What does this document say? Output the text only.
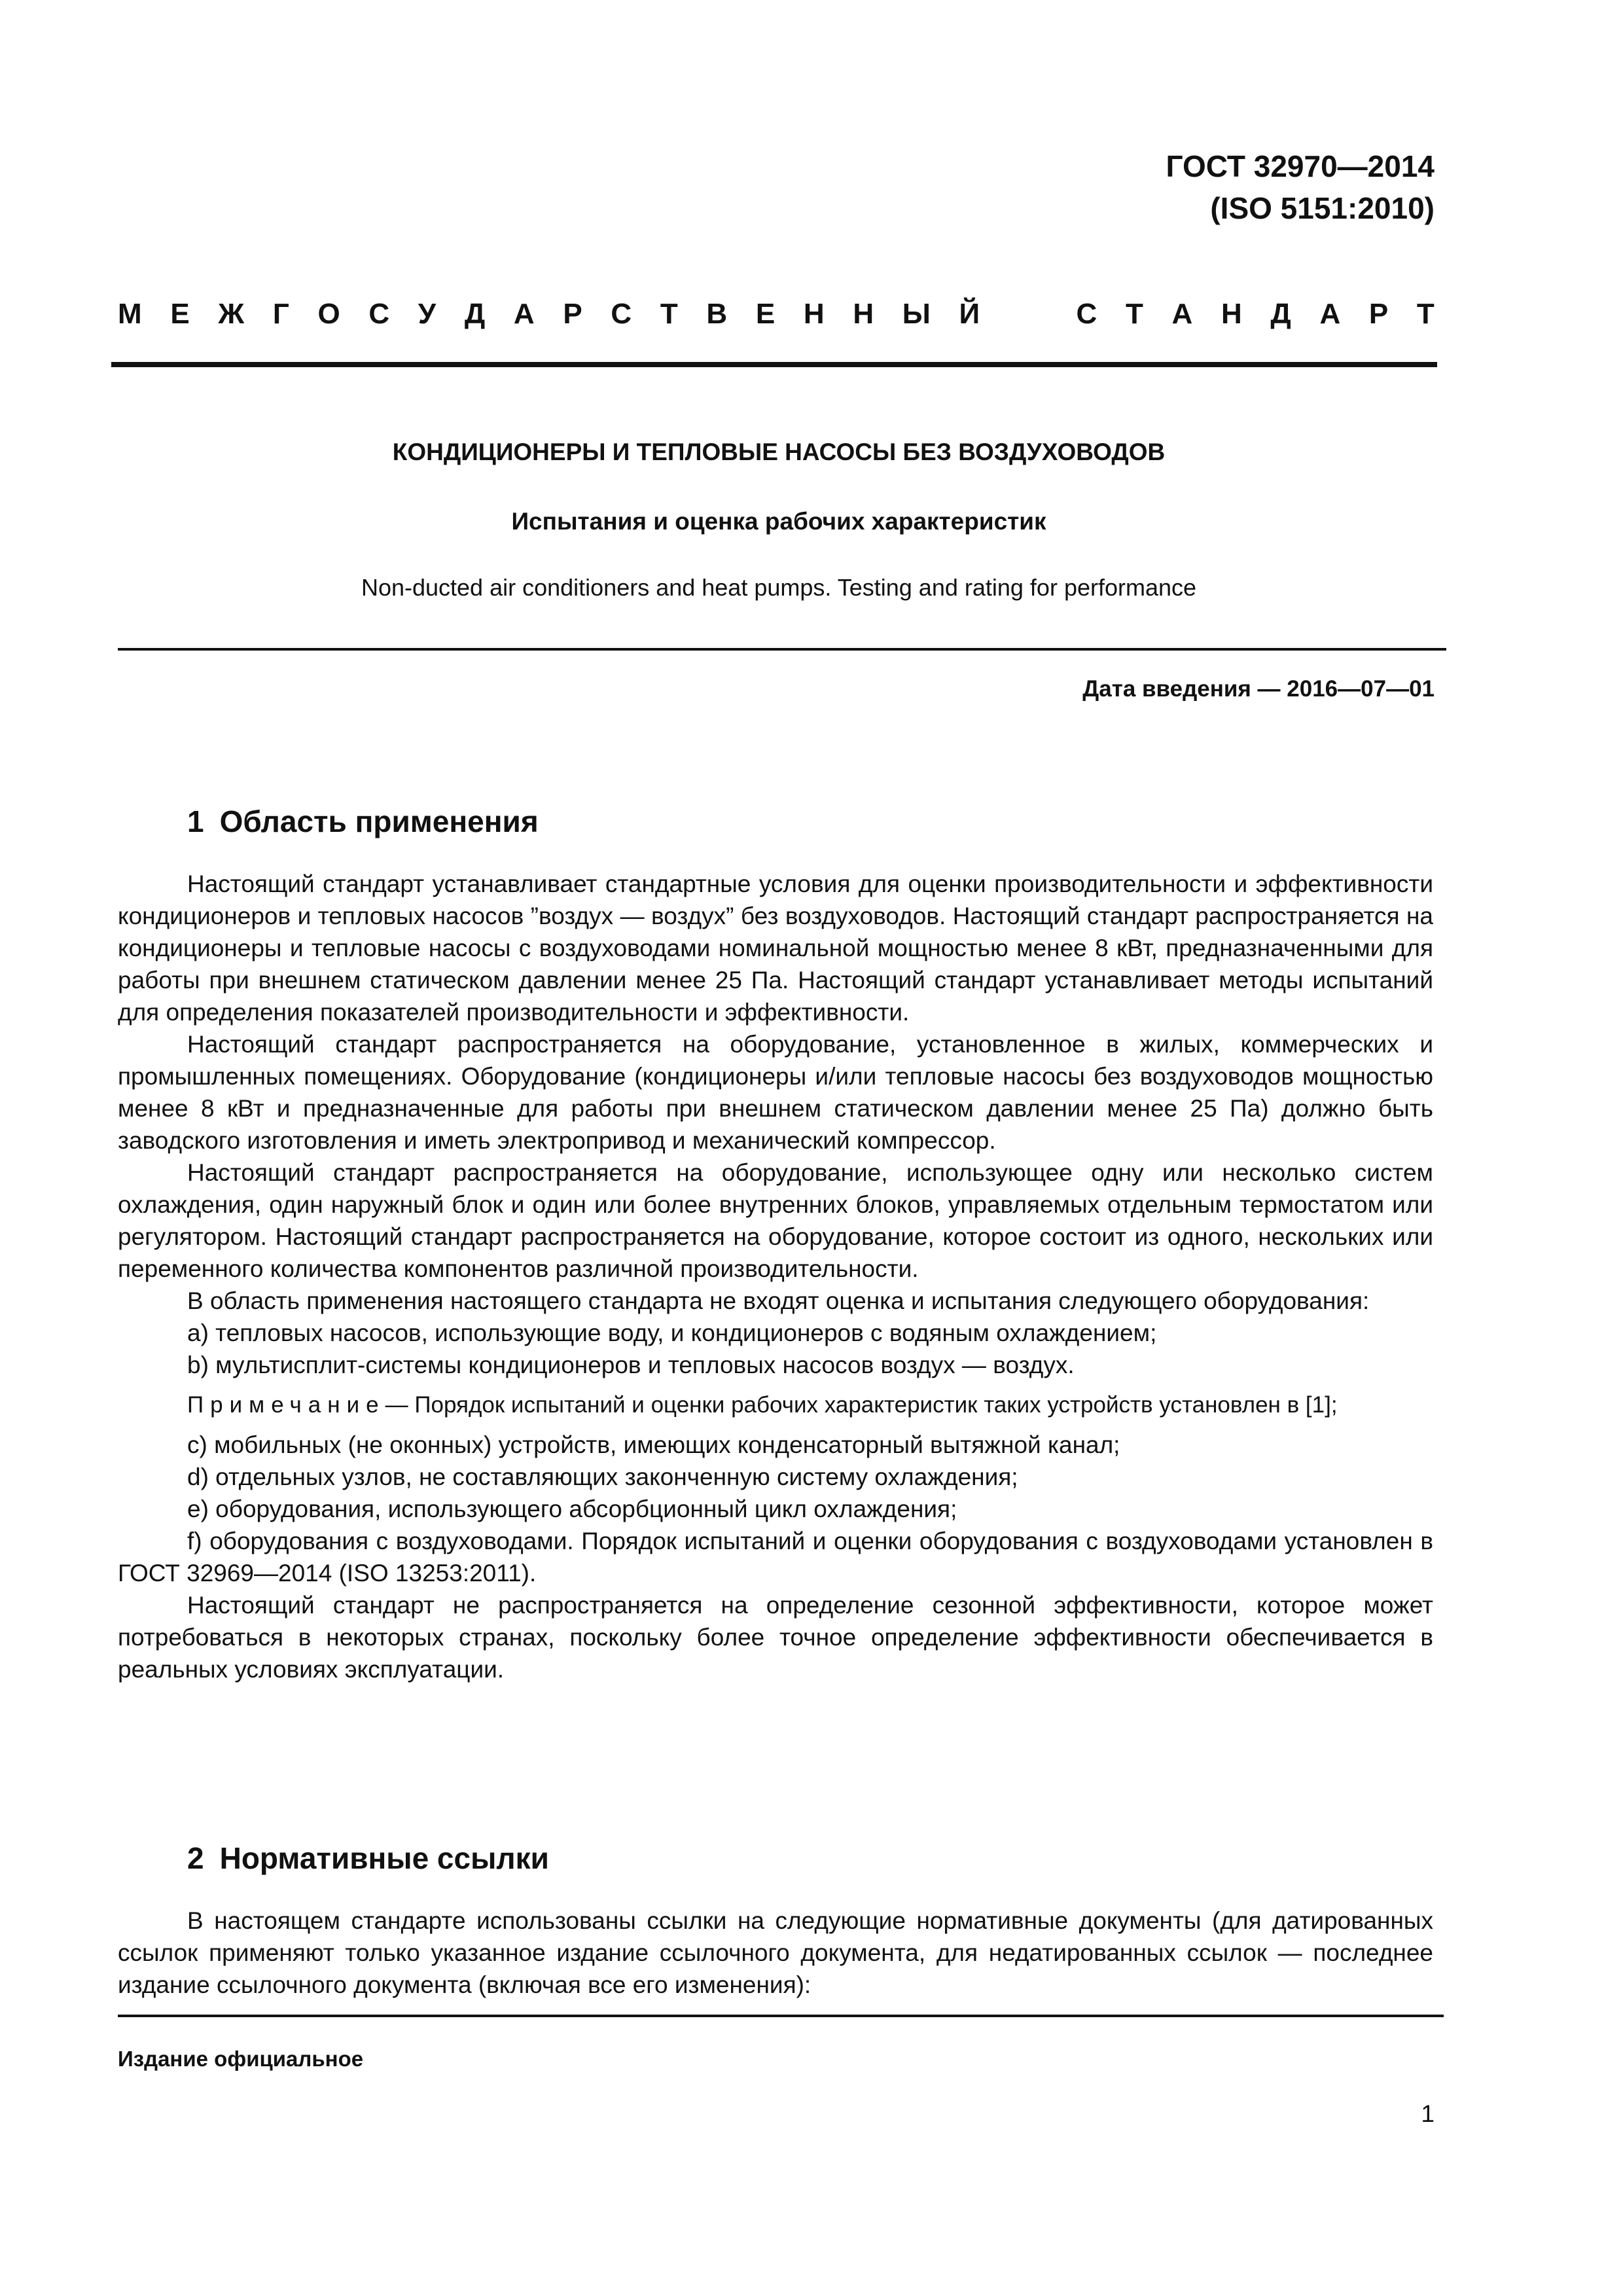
ГОСТ 32970—2014
(ISO 5151:2010)
М Е Ж Г О С У Д А Р С Т В Е Н Н Ы Й	С Т А Н Д А Р Т
КОНДИЦИОНЕРЫ И ТЕПЛОВЫЕ НАСОСЫ БЕЗ ВОЗДУХОВОДОВ
Испытания и оценка рабочих характеристик
Non-ducted air conditioners and heat pumps. Testing and rating for performance
Дата введения — 2016—07—01
1 Область применения

Настоящий стандарт устанавливает стандартные условия для оценки производительности и эффективности кондиционеров и тепловых насосов ”воздух — воздух” без воздуховодов. Настоящий стандарт распространяется на кондиционеры и тепловые насосы с воздуховодами номинальной мощностью менее 8 кВт, предназначенными для работы при внешнем статическом давлении менее 25 Па. Настоящий стандарт устанавливает методы испытаний для определения показателей производительности и эффективности.

Настоящий стандарт распространяется на оборудование, установленное в жилых, коммерческих и промышленных помещениях. Оборудование (кондиционеры и/или тепловые насосы без воздуховодов мощностью менее 8 кВт и предназначенные для работы при внешнем статическом давлении менее 25 Па) должно быть заводского изготовления и иметь электропривод и механический компрессор.

Настоящий стандарт распространяется на оборудование, использующее одну или несколько систем охлаждения, один наружный блок и один или более внутренних блоков, управляемых отдельным термостатом или регулятором. Настоящий стандарт распространяется на оборудование, которое состоит из одного, нескольких или переменного количества компонентов различной производительности.

В область применения настоящего стандарта не входят оценка и испытания следующего оборудования:

а) тепловых насосов, использующие воду, и кондиционеров с водяным охлаждением;

b) мультисплит-системы кондиционеров и тепловых насосов воздух — воздух.

Примечание— Порядок испытаний и оценки рабочих характеристик таких устройств установлен в [1];

с) мобильных (не оконных) устройств, имеющих конденсаторный вытяжной канал;

d) отдельных узлов, не составляющих законченную систему охлаждения;

е) оборудования, использующего абсорбционный цикл охлаждения;

f) оборудования с воздуховодами. Порядок испытаний и оценки оборудования с воздуховодами установлен в ГОСТ 32969—2014 (ISO 13253:2011).

Настоящий стандарт не распространяется на определение сезонной эффективности, которое может потребоваться в некоторых странах, поскольку более точное определение эффективности обеспечивается в реальных условиях эксплуатации.

2 Нормативные ссылки

В настоящем стандарте использованы ссылки на следующие нормативные документы (для датированных ссылок применяют только указанное издание ссылочного документа, для недатированных ссылок — последнее издание ссылочного документа (включая все его изменения):

Издание официальное
1
